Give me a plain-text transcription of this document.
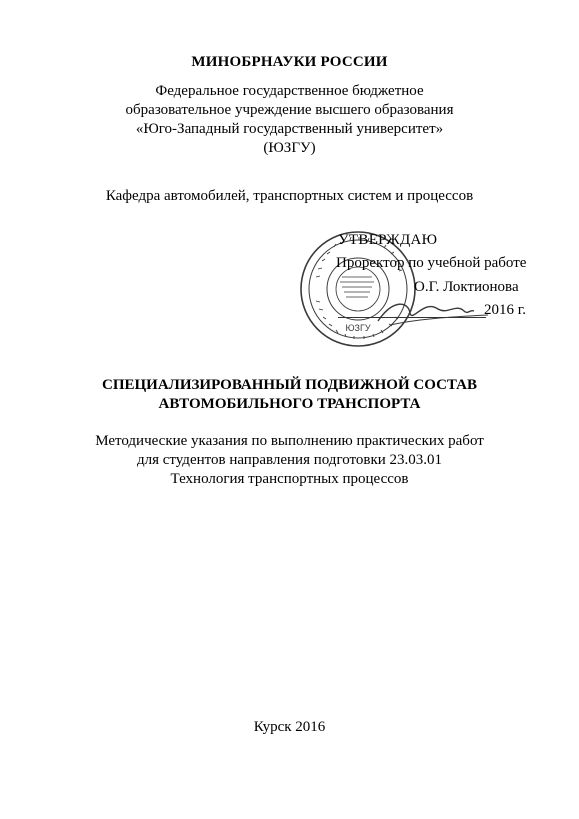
МИНОБРНАУКИ РОССИИ
Федеральное государственное бюджетное
образовательное учреждение высшего образования
«Юго-Западный государственный университет»
(ЮЗГУ)
Кафедра автомобилей, транспортных систем и процессов
ЮЗГУ
УТВЕРЖДАЮ
Проректор по учебной работе
О.Г. Локтионова
2016 г.
СПЕЦИАЛИЗИРОВАННЫЙ ПОДВИЖНОЙ СОСТАВ
АВТОМОБИЛЬНОГО ТРАНСПОРТА
Методические указания по выполнению практических работ
для студентов направления подготовки 23.03.01
Технология транспортных процессов
Курск 2016
